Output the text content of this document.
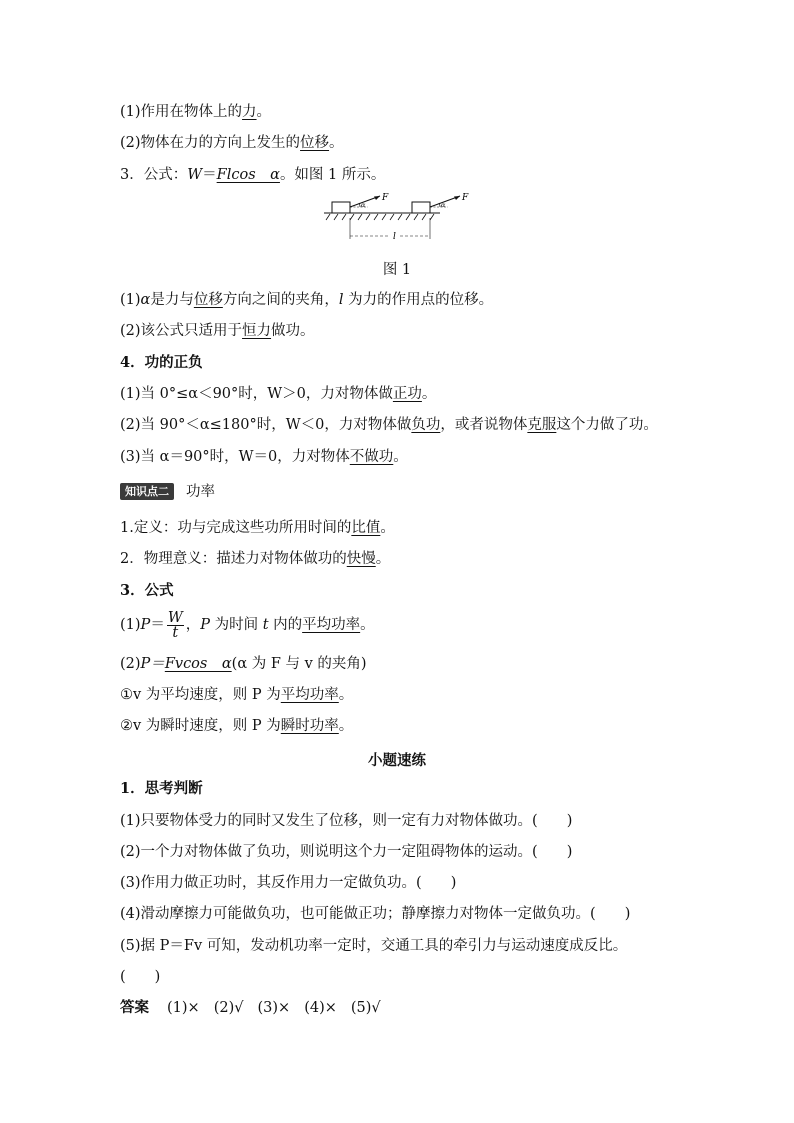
(1)作用在物体上的力。
(2)物体在力的方向上发生的位移。
3．公式：W＝Flcos　α。如图 1 所示。
F
α
F
α
l
图 1
(1)α是力与位移方向之间的夹角，l 为力的作用点的位移。
(2)该公式只适用于恒力做功。
4．功的正负
(1)当 0°≤α＜90°时，W＞0，力对物体做正功。
(2)当 90°＜α≤180°时，W＜0，力对物体做负功，或者说物体克服这个力做了功。
(3)当 α＝90°时，W＝0，力对物体不做功。
知识点二 功率
1.定义：功与完成这些功所用时间的比值。
2．物理意义：描述力对物体做功的快慢。
3．公式
$(1)P= \frac{W}{t}$ ，P 为时间 t 内的平均功率。
(2)P＝Fvcos　α(α 为 F 与 v 的夹角)
①v 为平均速度，则 P 为平均功率。
②v 为瞬时速度，则 P 为瞬时功率。
小题速练
1．思考判断
(1)只要物体受力的同时又发生了位移，则一定有力对物体做功。(　　)
(2)一个力对物体做了负功，则说明这个力一定阻碍物体的运动。(　　)
(3)作用力做正功时，其反作用力一定做负功。(　　)
(4)滑动摩擦力可能做负功，也可能做正功；静摩擦力对物体一定做负功。(　　)
(5)据 P＝Fv 可知，发动机功率一定时，交通工具的牵引力与运动速度成反比。
(　　)
答案 (1)× (2)√ (3)× (4)× (5)√
